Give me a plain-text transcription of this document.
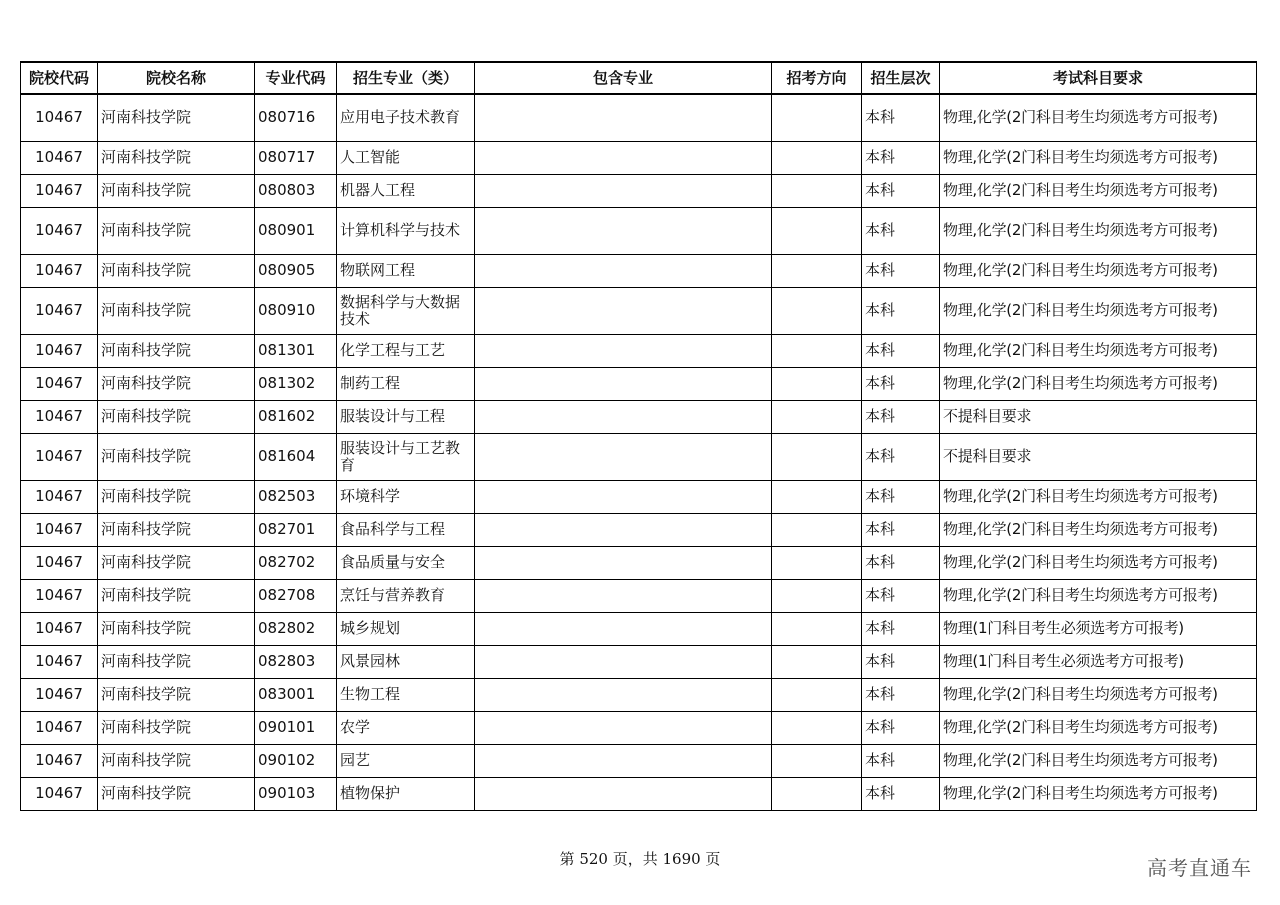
院校代码	院校名称	专业代码	招生专业（类）	包含专业	招考方向	招生层次	考试科目要求
10467	河南科技学院	080716	应用电子技术教育			本科	物理,化学(2门科目考生均须选考方可报考)
10467	河南科技学院	080717	人工智能			本科	物理,化学(2门科目考生均须选考方可报考)
10467	河南科技学院	080803	机器人工程			本科	物理,化学(2门科目考生均须选考方可报考)
10467	河南科技学院	080901	计算机科学与技术			本科	物理,化学(2门科目考生均须选考方可报考)
10467	河南科技学院	080905	物联网工程			本科	物理,化学(2门科目考生均须选考方可报考)
10467	河南科技学院	080910	数据科学与大数据技术			本科	物理,化学(2门科目考生均须选考方可报考)
10467	河南科技学院	081301	化学工程与工艺			本科	物理,化学(2门科目考生均须选考方可报考)
10467	河南科技学院	081302	制药工程			本科	物理,化学(2门科目考生均须选考方可报考)
10467	河南科技学院	081602	服装设计与工程			本科	不提科目要求
10467	河南科技学院	081604	服装设计与工艺教育			本科	不提科目要求
10467	河南科技学院	082503	环境科学			本科	物理,化学(2门科目考生均须选考方可报考)
10467	河南科技学院	082701	食品科学与工程			本科	物理,化学(2门科目考生均须选考方可报考)
10467	河南科技学院	082702	食品质量与安全			本科	物理,化学(2门科目考生均须选考方可报考)
10467	河南科技学院	082708	烹饪与营养教育			本科	物理,化学(2门科目考生均须选考方可报考)
10467	河南科技学院	082802	城乡规划			本科	物理(1门科目考生必须选考方可报考)
10467	河南科技学院	082803	风景园林			本科	物理(1门科目考生必须选考方可报考)
10467	河南科技学院	083001	生物工程			本科	物理,化学(2门科目考生均须选考方可报考)
10467	河南科技学院	090101	农学			本科	物理,化学(2门科目考生均须选考方可报考)
10467	河南科技学院	090102	园艺			本科	物理,化学(2门科目考生均须选考方可报考)
10467	河南科技学院	090103	植物保护			本科	物理,化学(2门科目考生均须选考方可报考)
第 520 页，共 1690 页	高考直通车
